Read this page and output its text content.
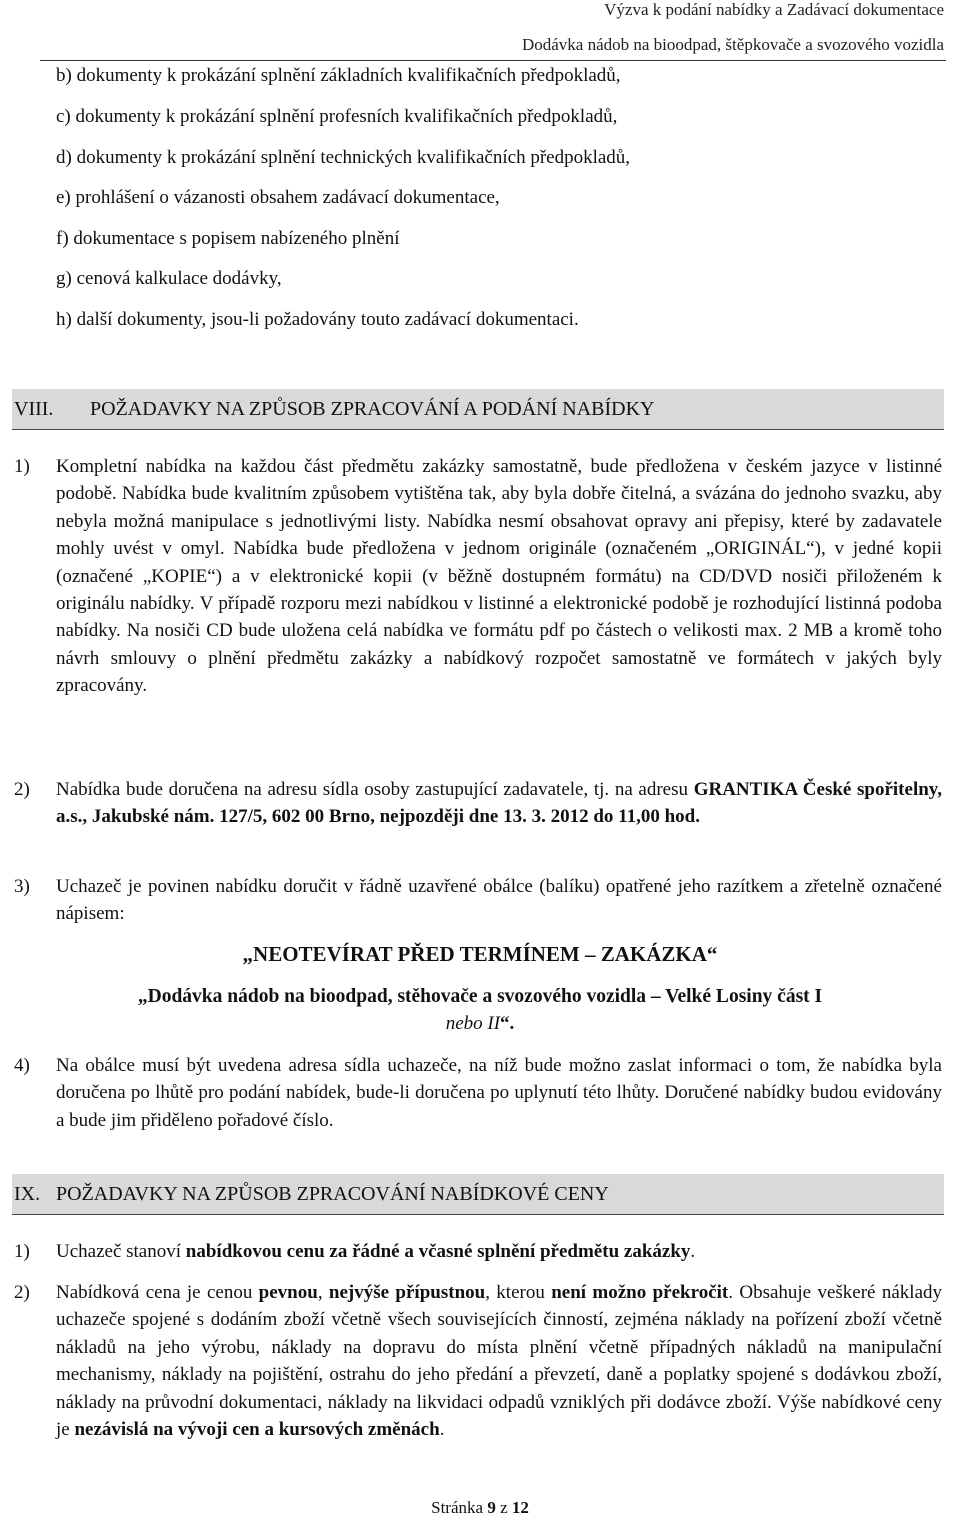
Výzva k podání nabídky a Zadávací dokumentace
Dodávka nádob na bioodpad, štěpkovače a svozového vozidla
b) dokumenty k prokázání splnění základních kvalifikačních předpokladů,
c) dokumenty k prokázání splnění profesních kvalifikačních předpokladů,
d) dokumenty k prokázání splnění technických kvalifikačních předpokladů,
e) prohlášení o vázanosti obsahem zadávací dokumentace,
f) dokumentace s popisem nabízeného plnění
g) cenová kalkulace dodávky,
h) další dokumenty, jsou-li požadovány touto zadávací dokumentaci.
VIII. POŽADAVKY NA ZPŮSOB ZPRACOVÁNÍ A PODÁNÍ NABÍDKY
1) Kompletní nabídka na každou část předmětu zakázky samostatně, bude předložena v českém jazyce v listinné podobě. Nabídka bude kvalitním způsobem vytištěna tak, aby byla dobře čitelná, a svázána do jednoho svazku, aby nebyla možná manipulace s jednotlivými listy. Nabídka nesmí obsahovat opravy ani přepisy, které by zadavatele mohly uvést v omyl. Nabídka bude předložena v jednom originále (označeném „ORIGINÁL“), v jedné kopii (označené „KOPIE“) a v elektronické kopii (v běžně dostupném formátu) na CD/DVD nosiči přiloženém k originálu nabídky. V případě rozporu mezi nabídkou v listinné a elektronické podobě je rozhodující listinná podoba nabídky. Na nosiči CD bude uložena celá nabídka ve formátu pdf po částech o velikosti max. 2 MB a kromě toho návrh smlouvy o plnění předmětu zakázky a nabídkový rozpočet samostatně ve formátech v jakých byly zpracovány.
2) Nabídka bude doručena na adresu sídla osoby zastupující zadavatele, tj. na adresu GRANTIKA České spořitelny, a.s., Jakubské nám. 127/5, 602 00 Brno, nejpozději dne 13. 3. 2012 do 11,00 hod.
3) Uchazeč je povinen nabídku doručit v řádně uzavřené obálce (balíku) opatřené jeho razítkem a zřetelně označené nápisem:
„NEOTEVÍRAT PŘED TERMÍNEM – ZAKÁZKA“
„Dodávka nádob na bioodpad, stěhovače a svozového vozidla – Velké Losiny část I
nebo II“.
4) Na obálce musí být uvedena adresa sídla uchazeče, na níž bude možno zaslat informaci o tom, že nabídka byla doručena po lhůtě pro podání nabídek, bude-li doručena po uplynutí této lhůty. Doručené nabídky budou evidovány a bude jim přiděleno pořadové číslo.
IX. POŽADAVKY NA ZPŮSOB ZPRACOVÁNÍ NABÍDKOVÉ CENY
1) Uchazeč stanoví nabídkovou cenu za řádné a včasné splnění předmětu zakázky.
2) Nabídková cena je cenou pevnou, nejvýše přípustnou, kterou není možno překročit. Obsahuje veškeré náklady uchazeče spojené s dodáním zboží včetně všech souvisejících činností, zejména náklady na pořízení zboží včetně nákladů na jeho výrobu, náklady na dopravu do místa plnění včetně případných nákladů na manipulační mechanismy, náklady na pojištění, ostrahu do jeho předání a převzetí, daně a poplatky spojené s dodávkou zboží, náklady na průvodní dokumentaci, náklady na likvidaci odpadů vzniklých při dodávce zboží. Výše nabídkové ceny je nezávislá na vývoji cen a kursových změnách.
Stránka 9 z 12
